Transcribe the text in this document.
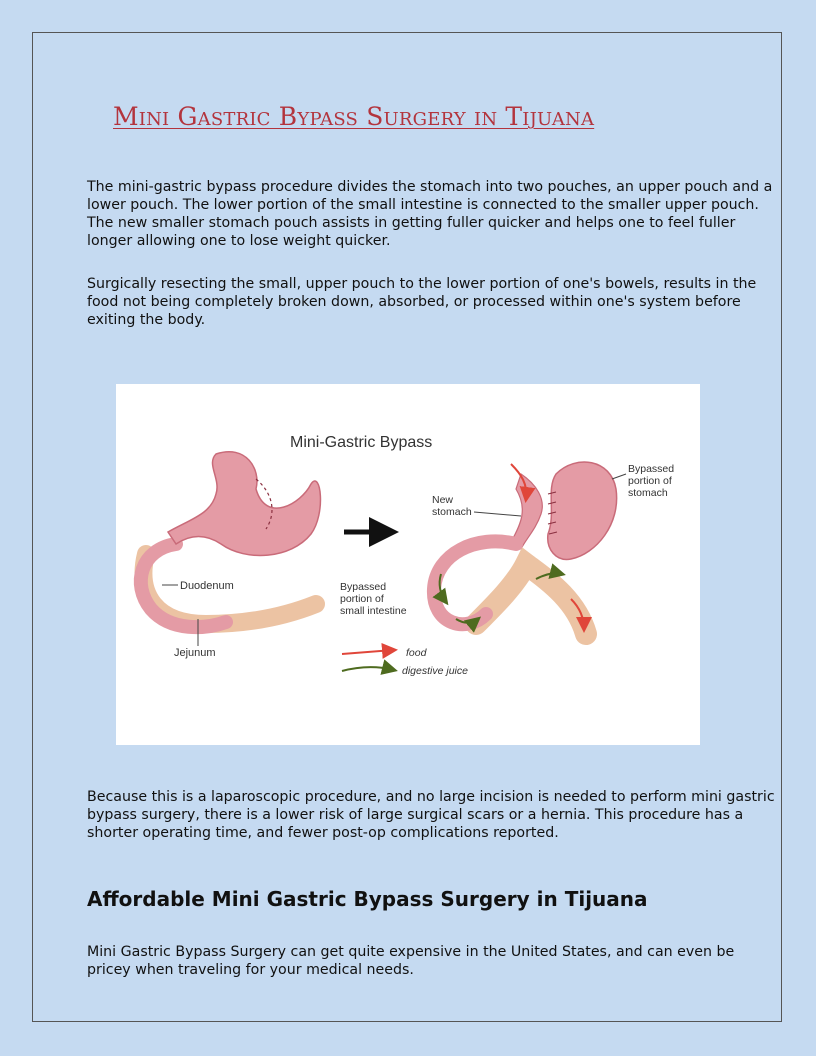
Mini Gastric Bypass Surgery in Tijuana

The mini-gastric bypass procedure divides the stomach into two pouches, an upper pouch and a lower pouch. The lower portion of the small intestine is connected to the smaller upper pouch. The new smaller stomach pouch assists in getting fuller quicker and helps one to feel fuller longer allowing one to lose weight quicker.

Surgically resecting the small, upper pouch to the lower portion of one's bowels, results in the food not being completely broken down, absorbed, or processed within one's system before exiting the body.

Mini-Gastric Bypass
Duodenum
Jejunum
New
stomach
Bypassed
portion of
stomach
Bypassed
portion of
small intestine
food
digestive juice

Because this is a laparoscopic procedure, and no large incision is needed to perform mini gastric bypass surgery, there is a lower risk of large surgical scars or a hernia. This procedure has a shorter operating time, and fewer post-op complications reported.

Affordable Mini Gastric Bypass Surgery in Tijuana

Mini Gastric Bypass Surgery can get quite expensive in the United States, and can even be pricey when traveling for your medical needs.
